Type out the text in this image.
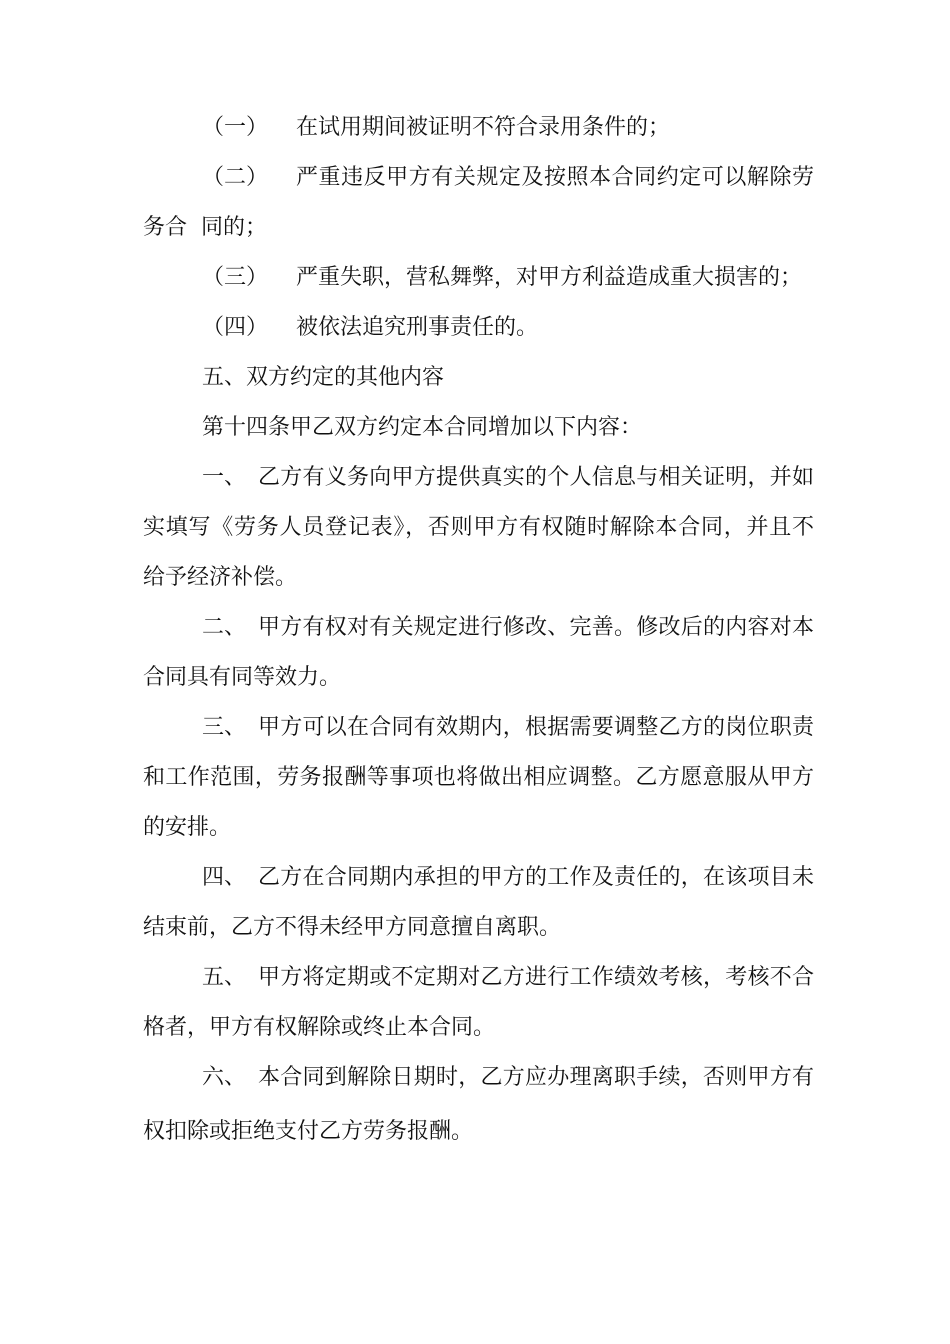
（一） 在试用期间被证明不符合录用条件的；
（二） 严重违反甲方有关规定及按照本合同约定可以解除劳
务合  同的；
（三） 严重失职，营私舞弊，对甲方利益造成重大损害的；
（四） 被依法追究刑事责任的。
五、双方约定的其他内容
第十四条甲乙双方约定本合同增加以下内容：
一、 乙方有义务向甲方提供真实的个人信息与相关证明，并如
实填写《劳务人员登记表》，否则甲方有权随时解除本合同，并且不
给予经济补偿。
二、 甲方有权对有关规定进行修改、完善。修改后的内容对本
合同具有同等效力。
三、 甲方可以在合同有效期内，根据需要调整乙方的岗位职责
和工作范围，劳务报酬等事项也将做出相应调整。乙方愿意服从甲方
的安排。
四、 乙方在合同期内承担的甲方的工作及责任的，在该项目未
结束前，乙方不得未经甲方同意擅自离职。
五、 甲方将定期或不定期对乙方进行工作绩效考核，考核不合
格者，甲方有权解除或终止本合同。
六、 本合同到解除日期时，乙方应办理离职手续，否则甲方有
权扣除或拒绝支付乙方劳务报酬。
